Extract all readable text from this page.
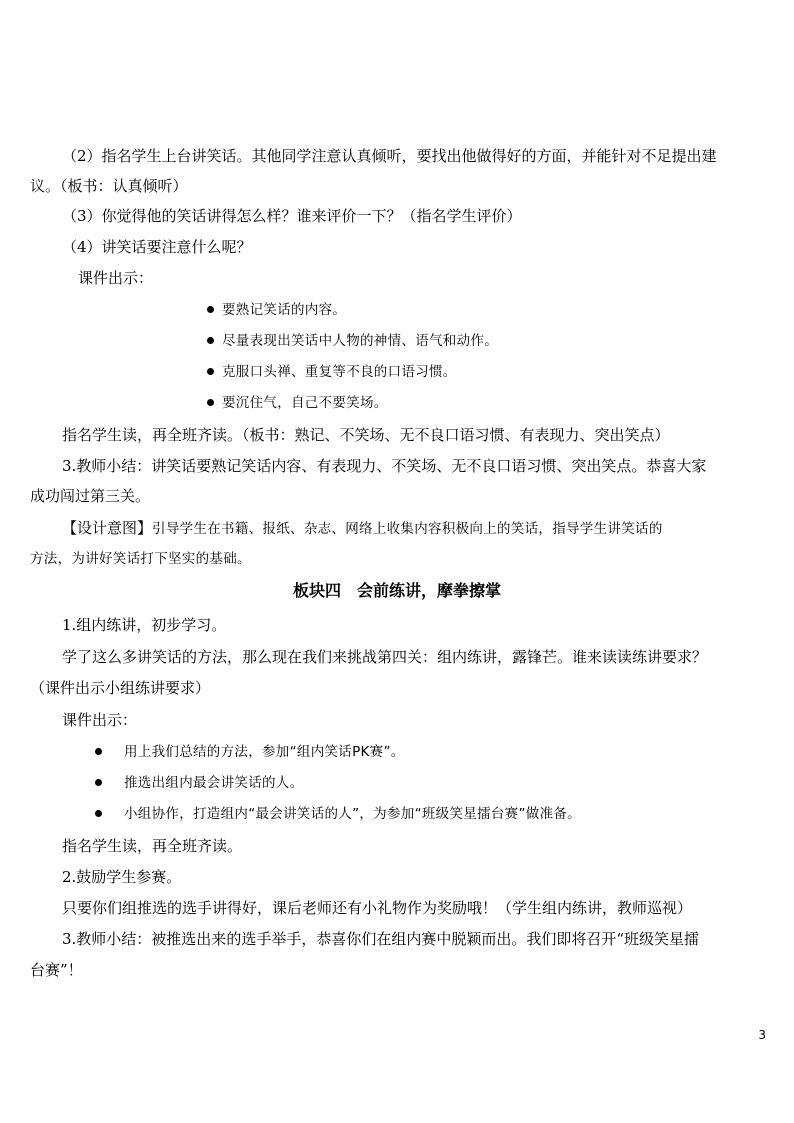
（2）指名学生上台讲笑话。其他同学注意认真倾听，要找出他做得好的方面，并能针对不足提出建
议。（板书：认真倾听）
（3）你觉得他的笑话讲得怎么样？谁来评价一下？（指名学生评价）
（4）讲笑话要注意什么呢？
课件出示：
要熟记笑话的内容。
尽量表现出笑话中人物的神情、语气和动作。
克服口头禅、重复等不良的口语习惯。
要沉住气，自己不要笑场。
指名学生读，再全班齐读。（板书：熟记、不笑场、无不良口语习惯、有表现力、突出笑点）
3.教师小结：讲笑话要熟记笑话内容、有表现力、不笑场、无不良口语习惯、突出笑点。恭喜大家
成功闯过第三关。
【设计意图】引导学生在书籍、报纸、杂志、网络上收集内容积极向上的笑话，指导学生讲笑话的
方法，为讲好笑话打下坚实的基础。
板块四　会前练讲，摩拳擦掌
1.组内练讲，初步学习。
学了这么多讲笑话的方法，那么现在我们来挑战第四关：组内练讲，露锋芒。谁来读读练讲要求？
（课件出示小组练讲要求）
课件出示：
用上我们总结的方法，参加“组内笑话PK赛”。
推选出组内最会讲笑话的人。
小组协作，打造组内“最会讲笑话的人”，为参加“班级笑星擂台赛”做准备。
指名学生读，再全班齐读。
2.鼓励学生参赛。
只要你们组推选的选手讲得好，课后老师还有小礼物作为奖励哦！（学生组内练讲，教师巡视）
3.教师小结：被推选出来的选手举手，恭喜你们在组内赛中脱颖而出。我们即将召开“班级笑星擂
台赛”！
3
